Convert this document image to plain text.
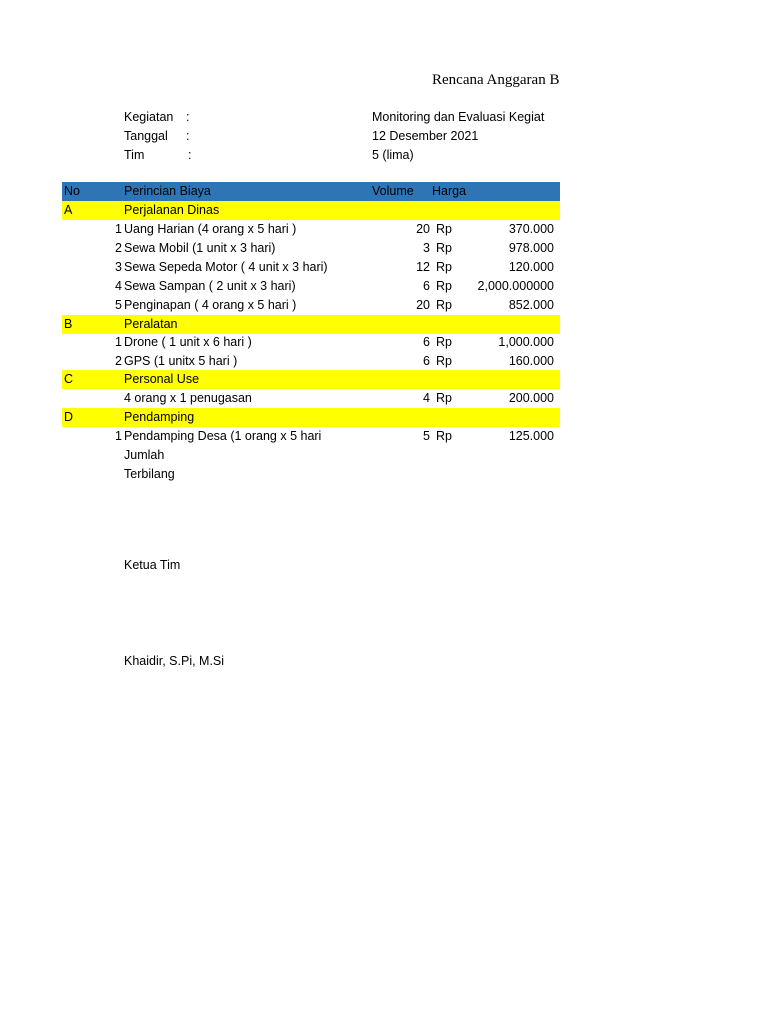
Rencana Anggaran B
Kegiatan :	Monitoring dan Evaluasi Kegiat
Tanggal :	12 Desember 2021
Tim	:	5 (lima)
No	Perincian Biaya	Volume Harga
A	Perjalanan Dinas
1 Uang Harian (4 orang x 5 hari )	20 Rp	370.000
2 Sewa Mobil (1 unit x 3 hari)	3 Rp	978.000
3 Sewa Sepeda Motor ( 4 unit x 3 hari)	12 Rp	120.000
4 Sewa Sampan ( 2 unit x 3 hari)	6 Rp	2,000.000000
5 Penginapan ( 4 orang x 5 hari )	20 Rp	852.000
B	Peralatan
1 Drone ( 1 unit x 6 hari )	6 Rp	1,000.000
2 GPS (1 unitx 5 hari )	6 Rp	160.000
C	Personal Use
4 orang x 1 penugasan	4 Rp	200.000
D	Pendamping
1 Pendamping Desa (1 orang x 5 hari	5 Rp	125.000
Jumlah
Terbilang
Ketua Tim
Khaidir, S.Pi, M.Si
